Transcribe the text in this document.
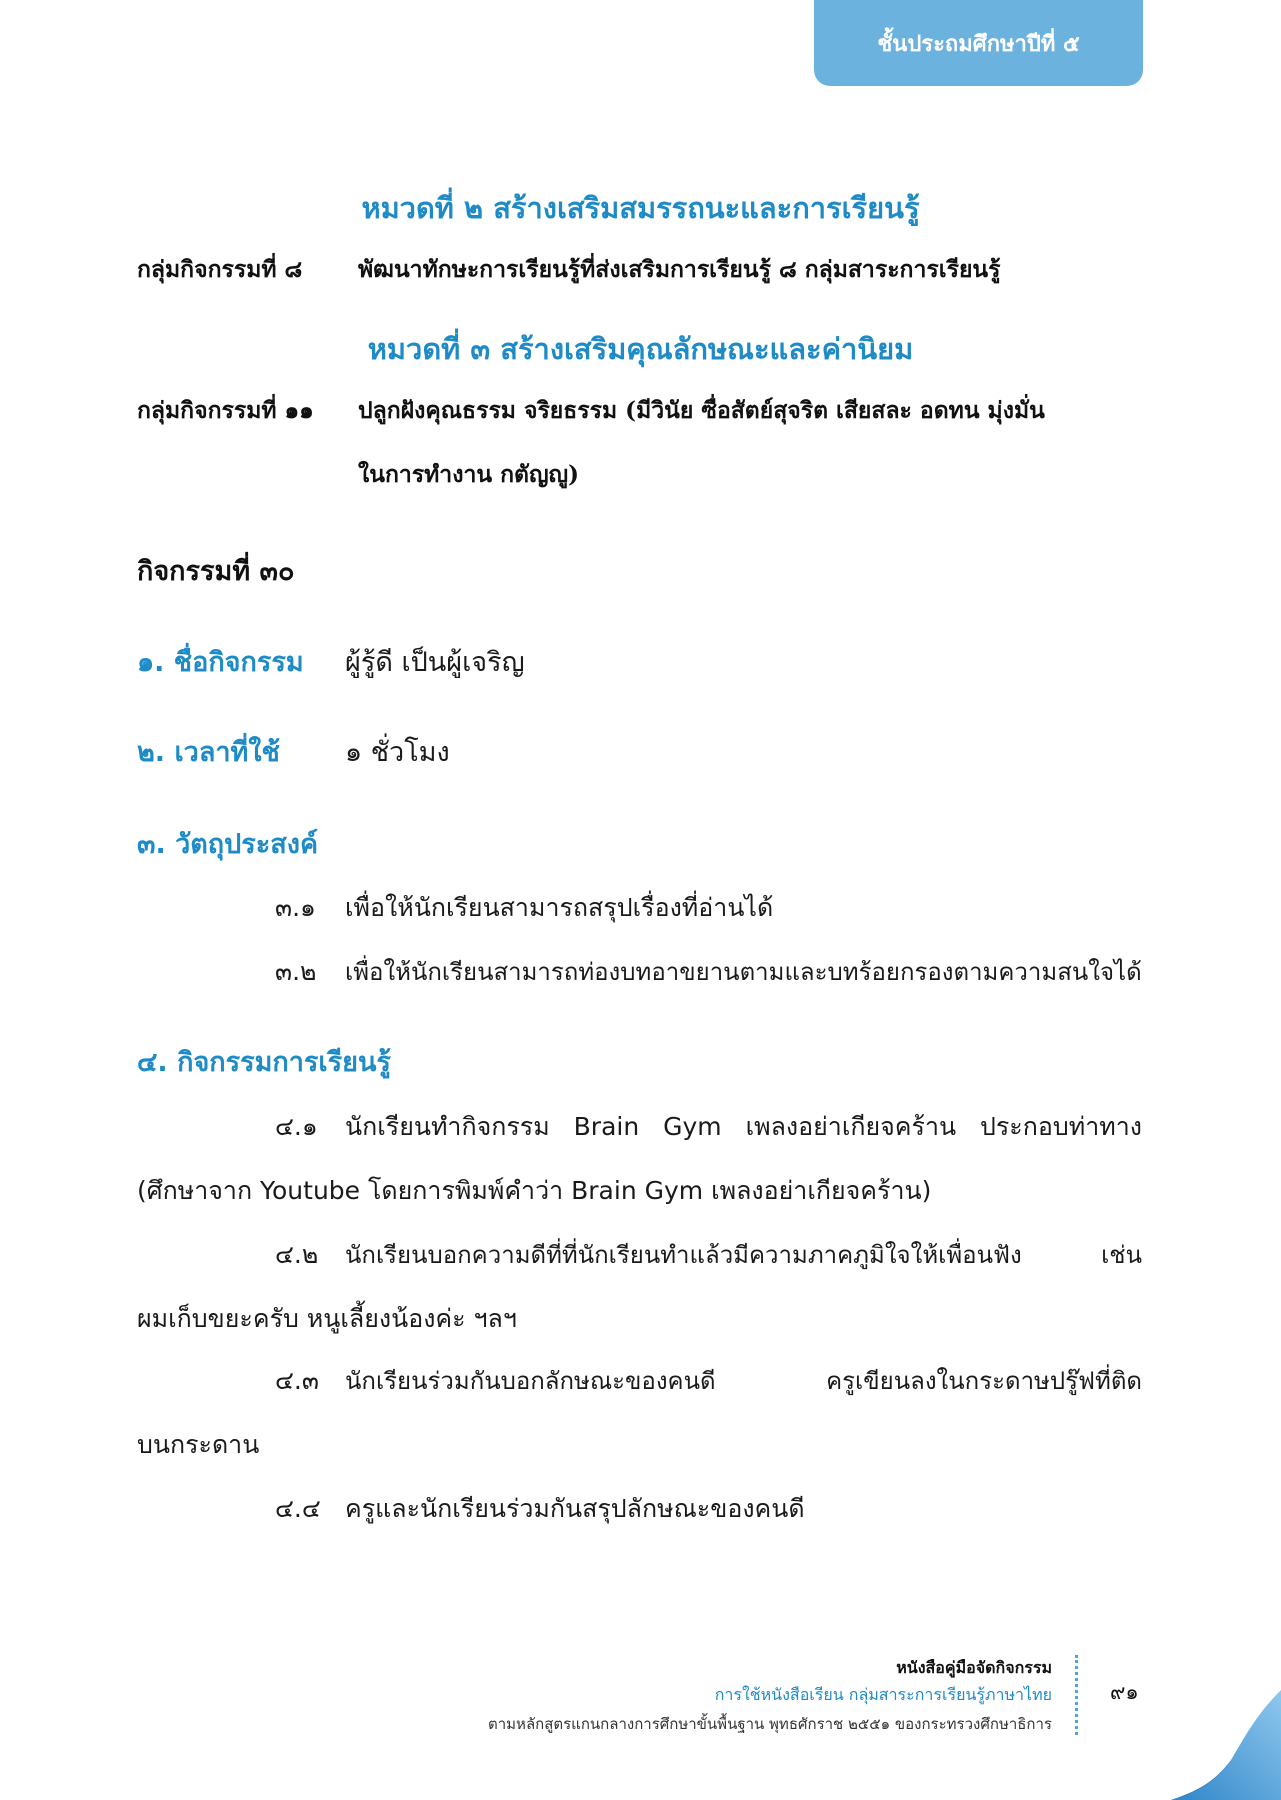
ชั้นประถมศึกษาปีที่ ๕
หมวดที่ ๒ สร้างเสริมสมรรถนะและการเรียนรู้
กลุ่มกิจกรรมที่ ๘ พัฒนาทักษะการเรียนรู้ที่ส่งเสริมการเรียนรู้ ๘ กลุ่มสาระการเรียนรู้
หมวดที่ ๓ สร้างเสริมคุณลักษณะและค่านิยม
กลุ่มกิจกรรมที่ ๑๑ ปลูกฝังคุณธรรม จริยธรรม (มีวินัย ซื่อสัตย์สุจริต เสียสละ อดทน มุ่งมั่น
ในการทำงาน กตัญญู)
กิจกรรมที่ ๓๐
๑. ชื่อกิจกรรม ผู้รู้ดี เป็นผู้เจริญ
๒. เวลาที่ใช้ ๑ ชั่วโมง
๓. วัตถุประสงค์
๓.๑ เพื่อให้นักเรียนสามารถสรุปเรื่องที่อ่านได้
๓.๒ เพื่อให้นักเรียนสามารถท่องบทอาขยานตามและบทร้อยกรองตามความสนใจได้
๔. กิจกรรมการเรียนรู้
๔.๑ นักเรียนทำกิจกรรม Brain Gym เพลงอย่าเกียจคร้าน ประกอบท่าทาง
(ศึกษาจาก Youtube โดยการพิมพ์คำว่า Brain Gym เพลงอย่าเกียจคร้าน)
๔.๒ นักเรียนบอกความดีที่ที่นักเรียนทำแล้วมีความภาคภูมิใจให้เพื่อนฟัง เช่น
ผมเก็บขยะครับ หนูเลี้ยงน้องค่ะ ฯลฯ
๔.๓ นักเรียนร่วมกันบอกลักษณะของคนดี ครูเขียนลงในกระดาษปรู๊ฟที่ติด
บนกระดาน
๔.๔ ครูและนักเรียนร่วมกันสรุปลักษณะของคนดี
หนังสือคู่มือจัดกิจกรรม
การใช้หนังสือเรียน กลุ่มสาระการเรียนรู้ภาษาไทย
ตามหลักสูตรแกนกลางการศึกษาขั้นพื้นฐาน พุทธศักราช ๒๕๕๑ ของกระทรวงศึกษาธิการ
๙๑
